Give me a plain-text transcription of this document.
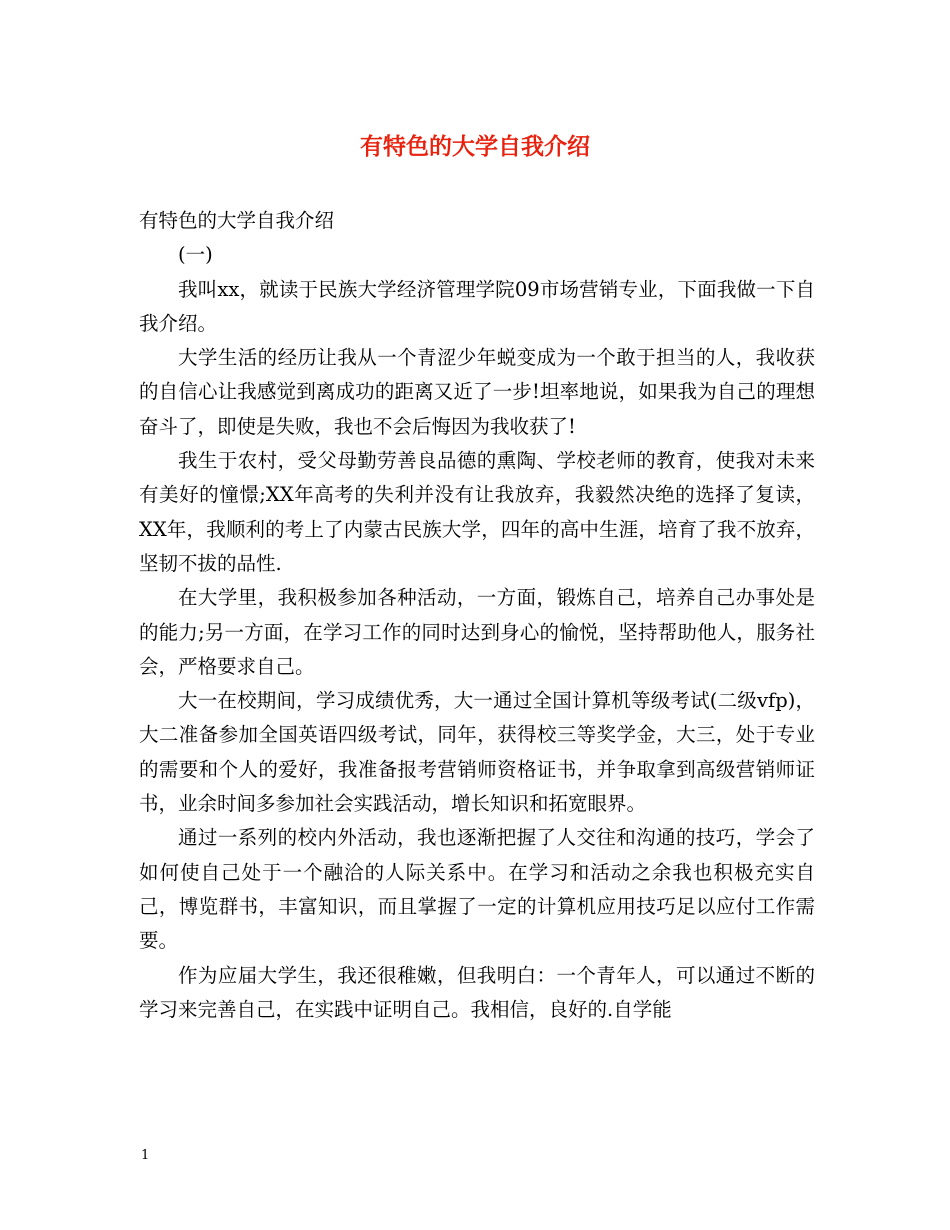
有特色的大学自我介绍

有特色的大学自我介绍

(一)

我叫xx，就读于民族大学经济管理学院09市场营销专业，下面我做一下自我介绍。

大学生活的经历让我从一个青涩少年蜕变成为一个敢于担当的人，我收获的自信心让我感觉到离成功的距离又近了一步!坦率地说，如果我为自己的理想奋斗了，即使是失败，我也不会后悔因为我收获了!

我生于农村，受父母勤劳善良品德的熏陶、学校老师的教育，使我对未来有美好的憧憬;XX年高考的失利并没有让我放弃，我毅然决绝的选择了复读，XX年，我顺利的考上了内蒙古民族大学，四年的高中生涯，培育了我不放弃，坚韧不拔的品性.

在大学里，我积极参加各种活动，一方面，锻炼自己，培养自己办事处是的能力;另一方面，在学习工作的同时达到身心的愉悦，坚持帮助他人，服务社会，严格要求自己。

大一在校期间，学习成绩优秀，大一通过全国计算机等级考试(二级vfp)，大二准备参加全国英语四级考试，同年，获得校三等奖学金，大三，处于专业的需要和个人的爱好，我准备报考营销师资格证书，并争取拿到高级营销师证书，业余时间多参加社会实践活动，增长知识和拓宽眼界。

通过一系列的校内外活动，我也逐渐把握了人交往和沟通的技巧，学会了如何使自己处于一个融洽的人际关系中。在学习和活动之余我也积极充实自己，博览群书，丰富知识，而且掌握了一定的计算机应用技巧足以应付工作需要。

作为应届大学生，我还很稚嫩，但我明白：一个青年人，可以通过不断的学习来完善自己，在实践中证明自己。我相信，良好的.自学能

1
